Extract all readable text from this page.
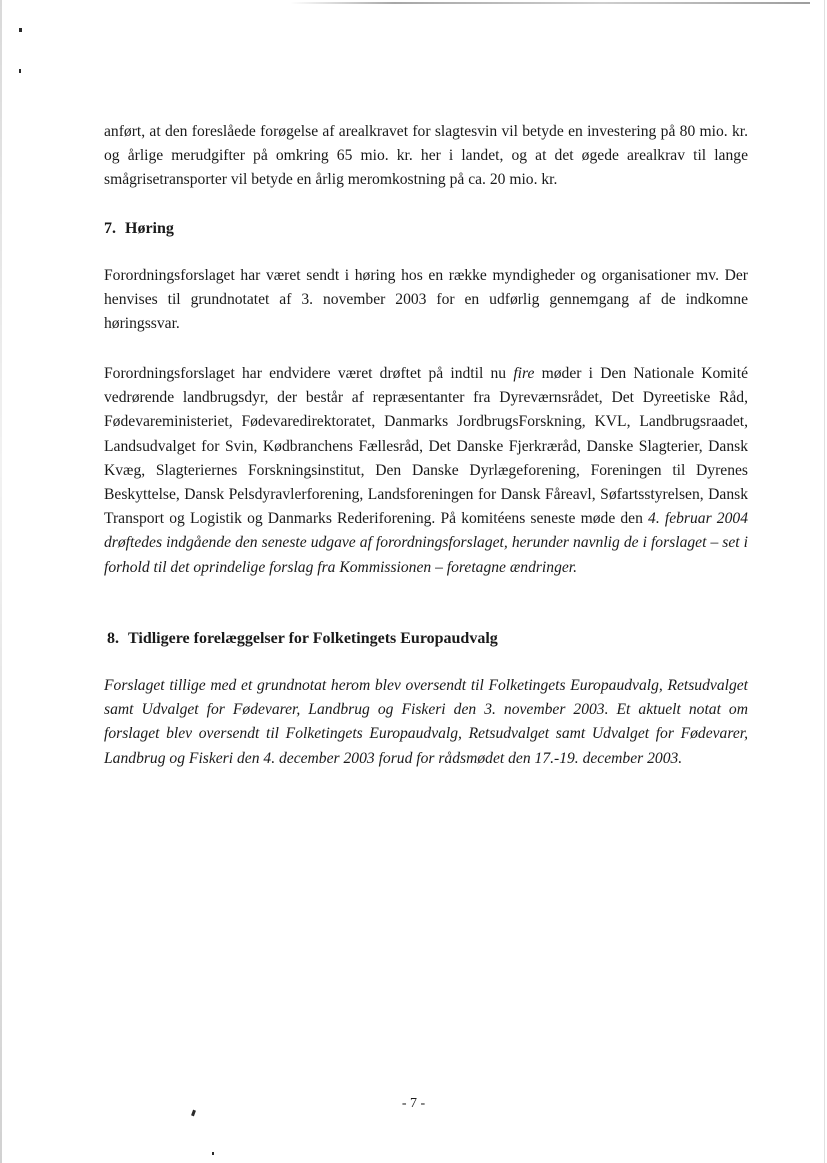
anført, at den foreslåede forøgelse af arealkravet for slagtesvin vil betyde en investering på 80 mio. kr. og årlige merudgifter på omkring 65 mio. kr. her i landet, og at det øgede arealkrav til lange smågrisetransporter vil betyde en årlig meromkostning på ca. 20 mio. kr.

7. Høring

Forordningsforslaget har været sendt i høring hos en række myndigheder og organisationer mv. Der henvises til grundnotatet af 3. november 2003 for en udførlig gennemgang af de indkomne høringssvar.

Forordningsforslaget har endvidere været drøftet på indtil nu fire møder i Den Nationale Komité vedrørende landbrugsdyr, der består af repræsentanter fra Dyreværnsrådet, Det Dyreetiske Råd, Fødevareministeriet, Fødevaredirektoratet, Danmarks JordbrugsForskning, KVL, Landbrugsraadet, Landsudvalget for Svin, Kødbranchens Fællesråd, Det Danske Fjerkræråd, Danske Slagterier, Dansk Kvæg, Slagteriernes Forskningsinstitut, Den Danske Dyrlægeforening, Foreningen til Dyrenes Beskyttelse, Dansk Pelsdyravlerforening, Landsforeningen for Dansk Fåreavl, Søfartsstyrelsen, Dansk Transport og Logistik og Danmarks Rederiforening. På komitéens seneste møde den 4. februar 2004 drøftedes indgående den seneste udgave af forordningsforslaget, herunder navnlig de i forslaget – set i forhold til det oprindelige forslag fra Kommissionen – foretagne ændringer.

8. Tidligere forelæggelser for Folketingets Europaudvalg

Forslaget tillige med et grundnotat herom blev oversendt til Folketingets Europaudvalg, Retsudvalget samt Udvalget for Fødevarer, Landbrug og Fiskeri den 3. november 2003. Et aktuelt notat om forslaget blev oversendt til Folketingets Europaudvalg, Retsudvalget samt Udvalget for Fødevarer, Landbrug og Fiskeri den 4. december 2003 forud for rådsmødet den 17.-19. december 2003.

- 7 -
